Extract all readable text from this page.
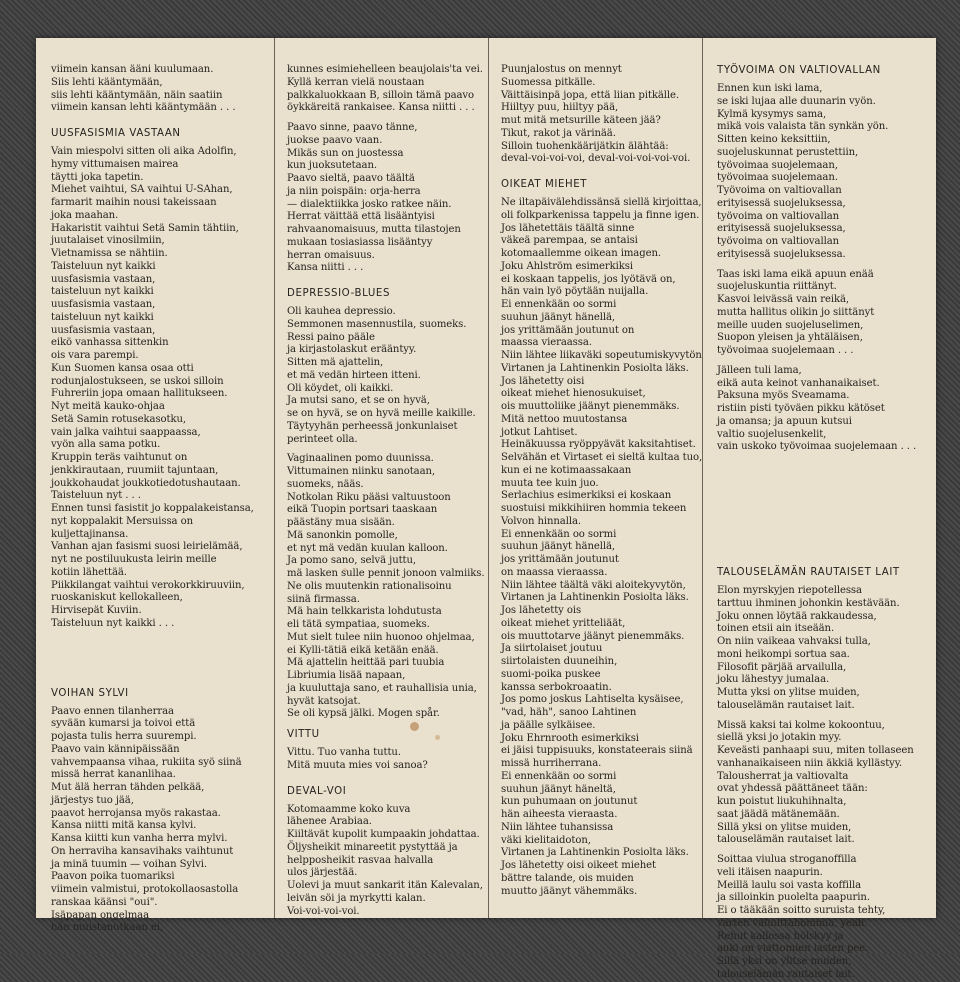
viimein kansan ääni kuulumaan.
Siis lehti kääntymään,
siis lehti kääntymään, näin saatiin
viimein kansan lehti kääntymään . . .
UUSFASISMIA VASTAAN
Vain miespolvi sitten oli aika Adolfin,
hymy vittumaisen mairea
täytti joka tapetin.
Miehet vaihtui, SA vaihtui U-SAhan,
farmarit maihin nousi takeissaan
joka maahan.
Hakaristit vaihtui Setä Samin tähtiin,
juutalaiset vinosilmiin,
Vietnamissa se nähtiin.
Taisteluun nyt kaikki
uusfasismia vastaan,
taisteluun nyt kaikki
uusfasismia vastaan,
taisteluun nyt kaikki
uusfasismia vastaan,
eikö vanhassa sittenkin
ois vara parempi.
Kun Suomen kansa osaa otti
rodunjalostukseen, se uskoi silloin
Fuhreriin jopa omaan hallitukseen.
Nyt meitä kauko-ohjaa
Setä Samin rotusekasotku,
vain jalka vaihtui saappaassa,
vyön alla sama potku.
Kruppin teräs vaihtunut on
jenkkirautaan, ruumiit tajuntaan,
joukkohaudat joukkotiedotushautaan.
Taisteluun nyt . . .
Ennen tunsi fasistit jo koppalakeistansa,
nyt koppalakit Mersuissa on
kuljettajinansa.
Vanhan ajan fasismi suosi leirielämää,
nyt ne postiluukusta leirin meille
kotiin lähettää.
Piikkilangat vaihtui verokorkkiruuviin,
ruoskaniskut kellokalleen,
Hirvisepät Kuviin.
Taisteluun nyt kaikki . . .
VOIHAN SYLVI
Paavo ennen tilanherraa
syvään kumarsi ja toivoi että
pojasta tulis herra suurempi.
Paavo vain kännipäissään
vahvempaansa vihaa, rukiita syö siinä
missä herrat kananlihaa.
Mut älä herran tähden pelkää,
järjestys tuo jää,
paavot herrojansa myös rakastaa.
Kansa niitti mitä kansa kylvi.
Kansa kiitti kun vanha herra mylvi.
On herraviha kansavihaks vaihtunut
ja minä tuumin — voihan Sylvi.
Paavon poika tuomariksi
viimein valmistui, protokollaosastolla
ranskaa käänsi "oui".
Isäpapan ongelmaa
hän muistanutkaan ei,
kunnes esimiehelleen beaujolais'ta vei.
Kyllä kerran vielä noustaan
palkkaluokkaan B, silloin tämä paavo
öykkäreitä rankaisee. Kansa niitti . . .
Paavo sinne, paavo tänne,
juokse paavo vaan.
Mikäs sun on juostessa
kun juoksutetaan.
Paavo sieltä, paavo täältä
ja niin poispäin: orja-herra
— dialektiikka josko ratkee näin.
Herrat väittää että lisääntyisi
rahvaanomaisuus, mutta tilastojen
mukaan tosiasiassa lisääntyy
herran omaisuus.
Kansa niitti . . .
DEPRESSIO-BLUES
Oli kauhea depressio.
Semmonen masennustila, suomeks.
Ressi paino pääle
ja kirjastolaskut erääntyy.
Sitten mä ajattelin,
et mä vedän hirteen itteni.
Oli köydet, oli kaikki.
Ja mutsi sano, et se on hyvä,
se on hyvä, se on hyvä meille kaikille.
Täytyyhän perheessä jonkunlaiset
perinteet olla.
Vaginaalinen pomo duunissa.
Vittumainen niinku sanotaan,
suomeks, nääs.
Notkolan Riku pääsi valtuustoon
eikä Tuopin portsari taaskaan
päästäny mua sisään.
Mä sanonkin pomolle,
et nyt mä vedän kuulan kalloon.
Ja pomo sano, selvä juttu,
mä lasken sulle pennit jonoon valmiiks.
Ne olis muutenkin rationalisoinu
siinä firmassa.
Mä hain telkkarista lohdutusta
eli tätä sympatiaa, suomeks.
Mut sielt tulee niin huonoo ohjelmaa,
ei Kylli-tätiä eikä ketään enää.
Mä ajattelin heittää pari tuubia
Libriumia lisää napaan,
ja kuuluttaja sano, et rauhallisia unia,
hyvät katsojat.
Se oli kypsä jälki. Mogen spår.
VITTU
Vittu. Tuo vanha tuttu.
Mitä muuta mies voi sanoa?
DEVAL-VOI
Kotomaamme koko kuva
lähenee Arabiaa.
Kiiltävät kupolit kumpaakin johdattaa.
Öljysheikit minareetit pystyttää ja
helpposheikit rasvaa halvalla
ulos järjestää.
Uolevi ja muut sankarit itän Kalevalan,
leivän söi ja myrkytti kalan.
Voi-voi-voi-voi.
Puunjalostus on mennyt
Suomessa pitkälle.
Väittäisinpä jopa, että liian pitkälle.
Hiiltyy puu, hiiltyy pää,
mut mitä metsurille käteen jää?
Tikut, rakot ja värinää.
Silloin tuohenkäärijätkin älähtää:
deval-voi-voi-voi, deval-voi-voi-voi-voi.
OIKEAT MIEHET
Ne iltapäivälehdissänsä siellä kirjoittaa,
oli folkparkenissa tappelu ja finne igen.
Jos lähetettäis täältä sinne
väkeä parempaa, se antaisi
kotomaallemme oikean imagen.
Joku Ahlström esimerkiksi
ei koskaan tappelis, jos lyötävä on,
hän vain lyö pöytään nuijalla.
Ei ennenkään oo sormi
suuhun jäänyt hänellä,
jos yrittämään joutunut on
maassa vieraassa.
Niin lähtee liikaväki sopeutumiskyvytön
Virtanen ja Lahtinenkin Posiolta läks.
Jos lähetetty oisi
oikeat miehet hienosukuiset,
ois muuttoliike jäänyt pienemmäks.
Mitä nettoo muutostansa
jotkut Lahtiset.
Heinäkuussa ryöppyävät kaksitahtiset.
Selvähän et Virtaset ei sieltä kultaa tuo,
kun ei ne kotimaassakaan
muuta tee kuin juo.
Serlachius esimerkiksi ei koskaan
suostuisi mikkihiiren hommia tekeen
Volvon hinnalla.
Ei ennenkään oo sormi
suuhun jäänyt hänellä,
jos yrittämään joutunut
on maassa vieraassa.
Niin lähtee täältä väki aloitekyvytön,
Virtanen ja Lahtinenkin Posiolta läks.
Jos lähetetty ois
oikeat miehet yritteliäät,
ois muuttotarve jäänyt pienemmäks.
Ja siirtolaiset joutuu
siirtolaisten duuneihin,
suomi-poika puskee
kanssa serbokroaatin.
Jos pomo joskus Lahtiselta kysäisee,
"vad, häh", sanoo Lahtinen
ja päälle sylkäisee.
Joku Ehrnrooth esimerkiksi
ei jäisi tuppisuuks, konstateerais siinä
missä hurriherrana.
Ei ennenkään oo sormi
suuhun jäänyt häneltä,
kun puhumaan on joutunut
hän aiheesta vieraasta.
Niin lähtee tuhansissa
väki kielitaidoton,
Virtanen ja Lahtinenkin Posiolta läks.
Jos lähetetty oisi oikeet miehet
bättre talande, ois muiden
muutto jäänyt vähemmäks.
TYÖVOIMA ON VALTIOVALLAN
Ennen kun iski lama,
se iski lujaa alle duunarin vyön.
Kylmä kysymys sama,
mikä vois valaista tän synkän yön.
Sitten keino keksittiin,
suojeluskunnat perustettiin,
työvoimaa suojelemaan,
työvoimaa suojelemaan.
Työvoima on valtiovallan
erityisessä suojeluksessa,
työvoima on valtiovallan
erityisessä suojeluksessa,
työvoima on valtiovallan
erityisessä suojeluksessa.
Taas iski lama eikä apuun enää
suojeluskuntia riittänyt.
Kasvoi leivässä vain reikä,
mutta hallitus olikin jo siittänyt
meille uuden suojeluselimen,
Suopon yleisen ja yhtäläisen,
työvoimaa suojelemaan . . .
Jälleen tuli lama,
eikä auta keinot vanhanaikaiset.
Paksuna myös Sveamama.
ristiin pisti työväen pikku kätöset
ja omansa; ja apuun kutsui
valtio suojelusenkelit,
vain uskoko työvoimaa suojelemaan . . .
TALOUSELÄMÄN RAUTAISET LAIT
Elon myrskyjen riepotellessa
tarttuu ihminen johonkin kestävään.
Joku onnen löytää rakkaudessa,
toinen etsii ain itseään.
On niin vaikeaa vahvaksi tulla,
moni heikompi sortua saa.
Filosofit pärjää arvailulla,
joku lähestyy jumalaa.
Mutta yksi on ylitse muiden,
talouselämän rautaiset lait.
Missä kaksi tai kolme kokoontuu,
siellä yksi jo jotakin myy.
Keveästi panhaapi suu, miten tollaseen
vanhanaikaiseen niin äkkiä kyllästyy.
Talousherrat ja valtiovalta
ovat yhdessä päättäneet tään:
kun poistut liukuhihnalta,
saat jäädä mätänemään.
Sillä yksi on ylitse muiden,
talouselämän rautaiset lait.
Soittaa viulua stroganoffilla
veli itäisen naapurin.
Meillä laulu soi vasta koffilla
ja silloinkin puolelta paapurin.
Ei o tääkään soitto suruista tehty,
varten valuuttahommia, yeah.
Rehut kallossa hölskyy ja
auki on viattomien lasten pee.
Sillä yksi on ylitse muiden,
talouselämän rautaiset lait.
